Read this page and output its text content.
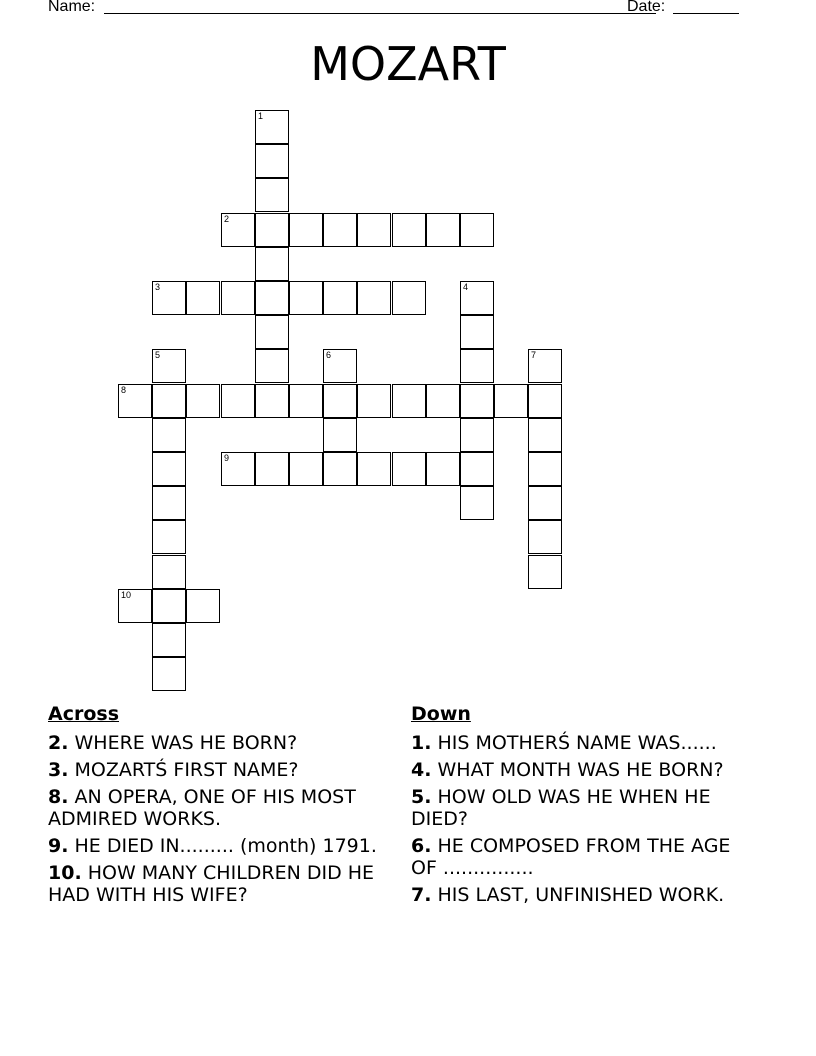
Name:	Date:
MOZART
1
2
3	4
5	6	7
8
9
10
Across
2. WHERE WAS HE BORN?
3. MOZARTŚ FIRST NAME?
8. AN OPERA, ONE OF HIS MOST ADMIRED WORKS.
9. HE DIED IN......... (month) 1791.
10. HOW MANY CHILDREN DID HE HAD WITH HIS WIFE?
Down
1. HIS MOTHERŚ NAME WAS......
4. WHAT MONTH WAS HE BORN?
5. HOW OLD WAS HE WHEN HE DIED?
6. HE COMPOSED FROM THE AGE OF ...............
7. HIS LAST, UNFINISHED WORK.
